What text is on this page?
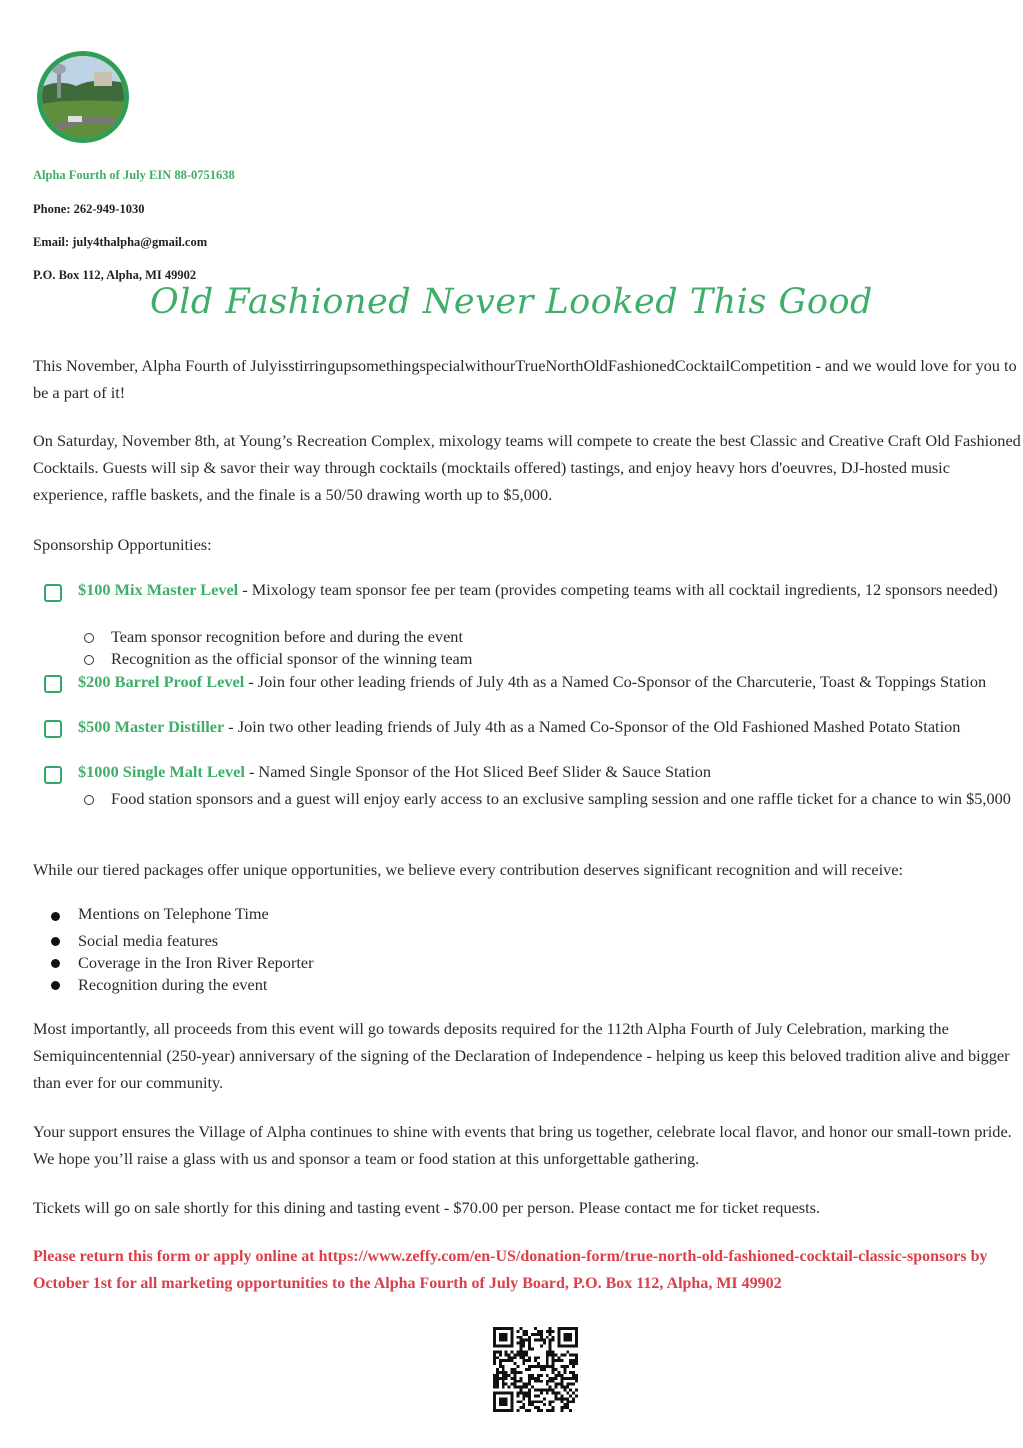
Alpha Fourth of July EIN 88-0751638
Phone: 262-949-1030
Email: july4thalpha@gmail.com
P.O. Box 112, Alpha, MI 49902
Old Fashioned Never Looked This Good
This November, Alpha Fourth of JulyisstirringupsomethingspecialwithourTrueNorthOldFashionedCocktailCompetition - and we would love for you to be a part of it!
On Saturday, November 8th, at Young’s Recreation Complex, mixology teams will compete to create the best Classic and Creative Craft Old Fashioned Cocktails. Guests will sip & savor their way through cocktails (mocktails offered) tastings, and enjoy heavy hors d'oeuvres, DJ-hosted music experience, raffle baskets, and the finale is a 50/50 drawing worth up to $5,000.
Sponsorship Opportunities:
$100 Mix Master Level - Mixology team sponsor fee per team (provides competing teams with all cocktail ingredients, 12 sponsors needed)
Team sponsor recognition before and during the event
Recognition as the official sponsor of the winning team
$200 Barrel Proof Level - Join four other leading friends of July 4th as a Named Co-Sponsor of the Charcuterie, Toast & Toppings Station
$500 Master Distiller - Join two other leading friends of July 4th as a Named Co-Sponsor of the Old Fashioned Mashed Potato Station
$1000 Single Malt Level - Named Single Sponsor of the Hot Sliced Beef Slider & Sauce Station
Food station sponsors and a guest will enjoy early access to an exclusive sampling session and one raffle ticket for a chance to win $5,000
While our tiered packages offer unique opportunities, we believe every contribution deserves significant recognition and will receive:
Mentions on Telephone Time
Social media features
Coverage in the Iron River Reporter
Recognition during the event
Most importantly, all proceeds from this event will go towards deposits required for the 112th Alpha Fourth of July Celebration, marking the Semiquincentennial (250-year) anniversary of the signing of the Declaration of Independence - helping us keep this beloved tradition alive and bigger than ever for our community.
Your support ensures the Village of Alpha continues to shine with events that bring us together, celebrate local flavor, and honor our small-town pride. We hope you’ll raise a glass with us and sponsor a team or food station at this unforgettable gathering.
Tickets will go on sale shortly for this dining and tasting event - $70.00 per person. Please contact me for ticket requests.
Please return this form or apply online at https://www.zeffy.com/en-US/donation-form/true-north-old-fashioned-cocktail-classic-sponsors by October 1st for all marketing opportunities to the Alpha Fourth of July Board, P.O. Box 112, Alpha, MI 49902
